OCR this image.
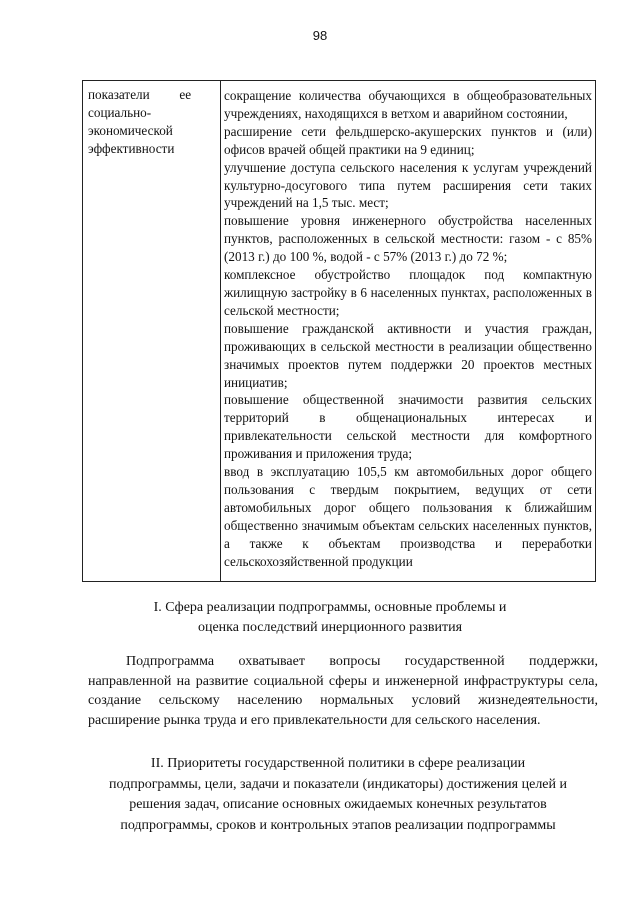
98
показатели         ее
социально-
экономической
эффективности
сокращение количества обучающихся в общеобразовательных учреждениях, находящихся в ветхом и аварийном состоянии,
расширение сети фельдшерско-акушерских пунктов и (или) офисов врачей общей практики на 9 единиц;
улучшение доступа сельского населения к услугам учреждений культурно-досугового типа путем расширения сети таких учреждений на 1,5 тыс. мест;
повышение уровня инженерного обустройства населенных пунктов, расположенных в сельской местности: газом - с 85% (2013 г.) до 100 %, водой - с 57% (2013 г.) до 72 %;
комплексное обустройство площадок под компактную жилищную застройку в 6 населенных пунктах, расположенных в сельской местности;
повышение гражданской активности и участия граждан, проживающих в сельской местности в реализации общественно значимых проектов путем поддержки 20 проектов местных инициатив;
повышение общественной значимости развития сельских территорий в общенациональных интересах и привлекательности сельской местности для комфортного проживания и приложения труда;
ввод в эксплуатацию 105,5 км автомобильных дорог общего пользования с твердым покрытием, ведущих от сети автомобильных дорог общего пользования к ближайшим общественно значимым объектам сельских населенных пунктов, а также к объектам производства и переработки сельскохозяйственной продукции
I. Сфера реализации подпрограммы, основные проблемы и
оценка последствий инерционного развития
Подпрограмма охватывает вопросы государственной поддержки, направленной на развитие социальной сферы и инженерной инфраструктуры села, создание сельскому населению нормальных условий жизнедеятельности, расширение рынка труда и его привлекательности для сельского населения.
II. Приоритеты государственной политики в сфере реализации
подпрограммы, цели, задачи и показатели (индикаторы) достижения целей и
решения задач, описание основных ожидаемых конечных результатов
подпрограммы, сроков и контрольных этапов реализации подпрограммы
